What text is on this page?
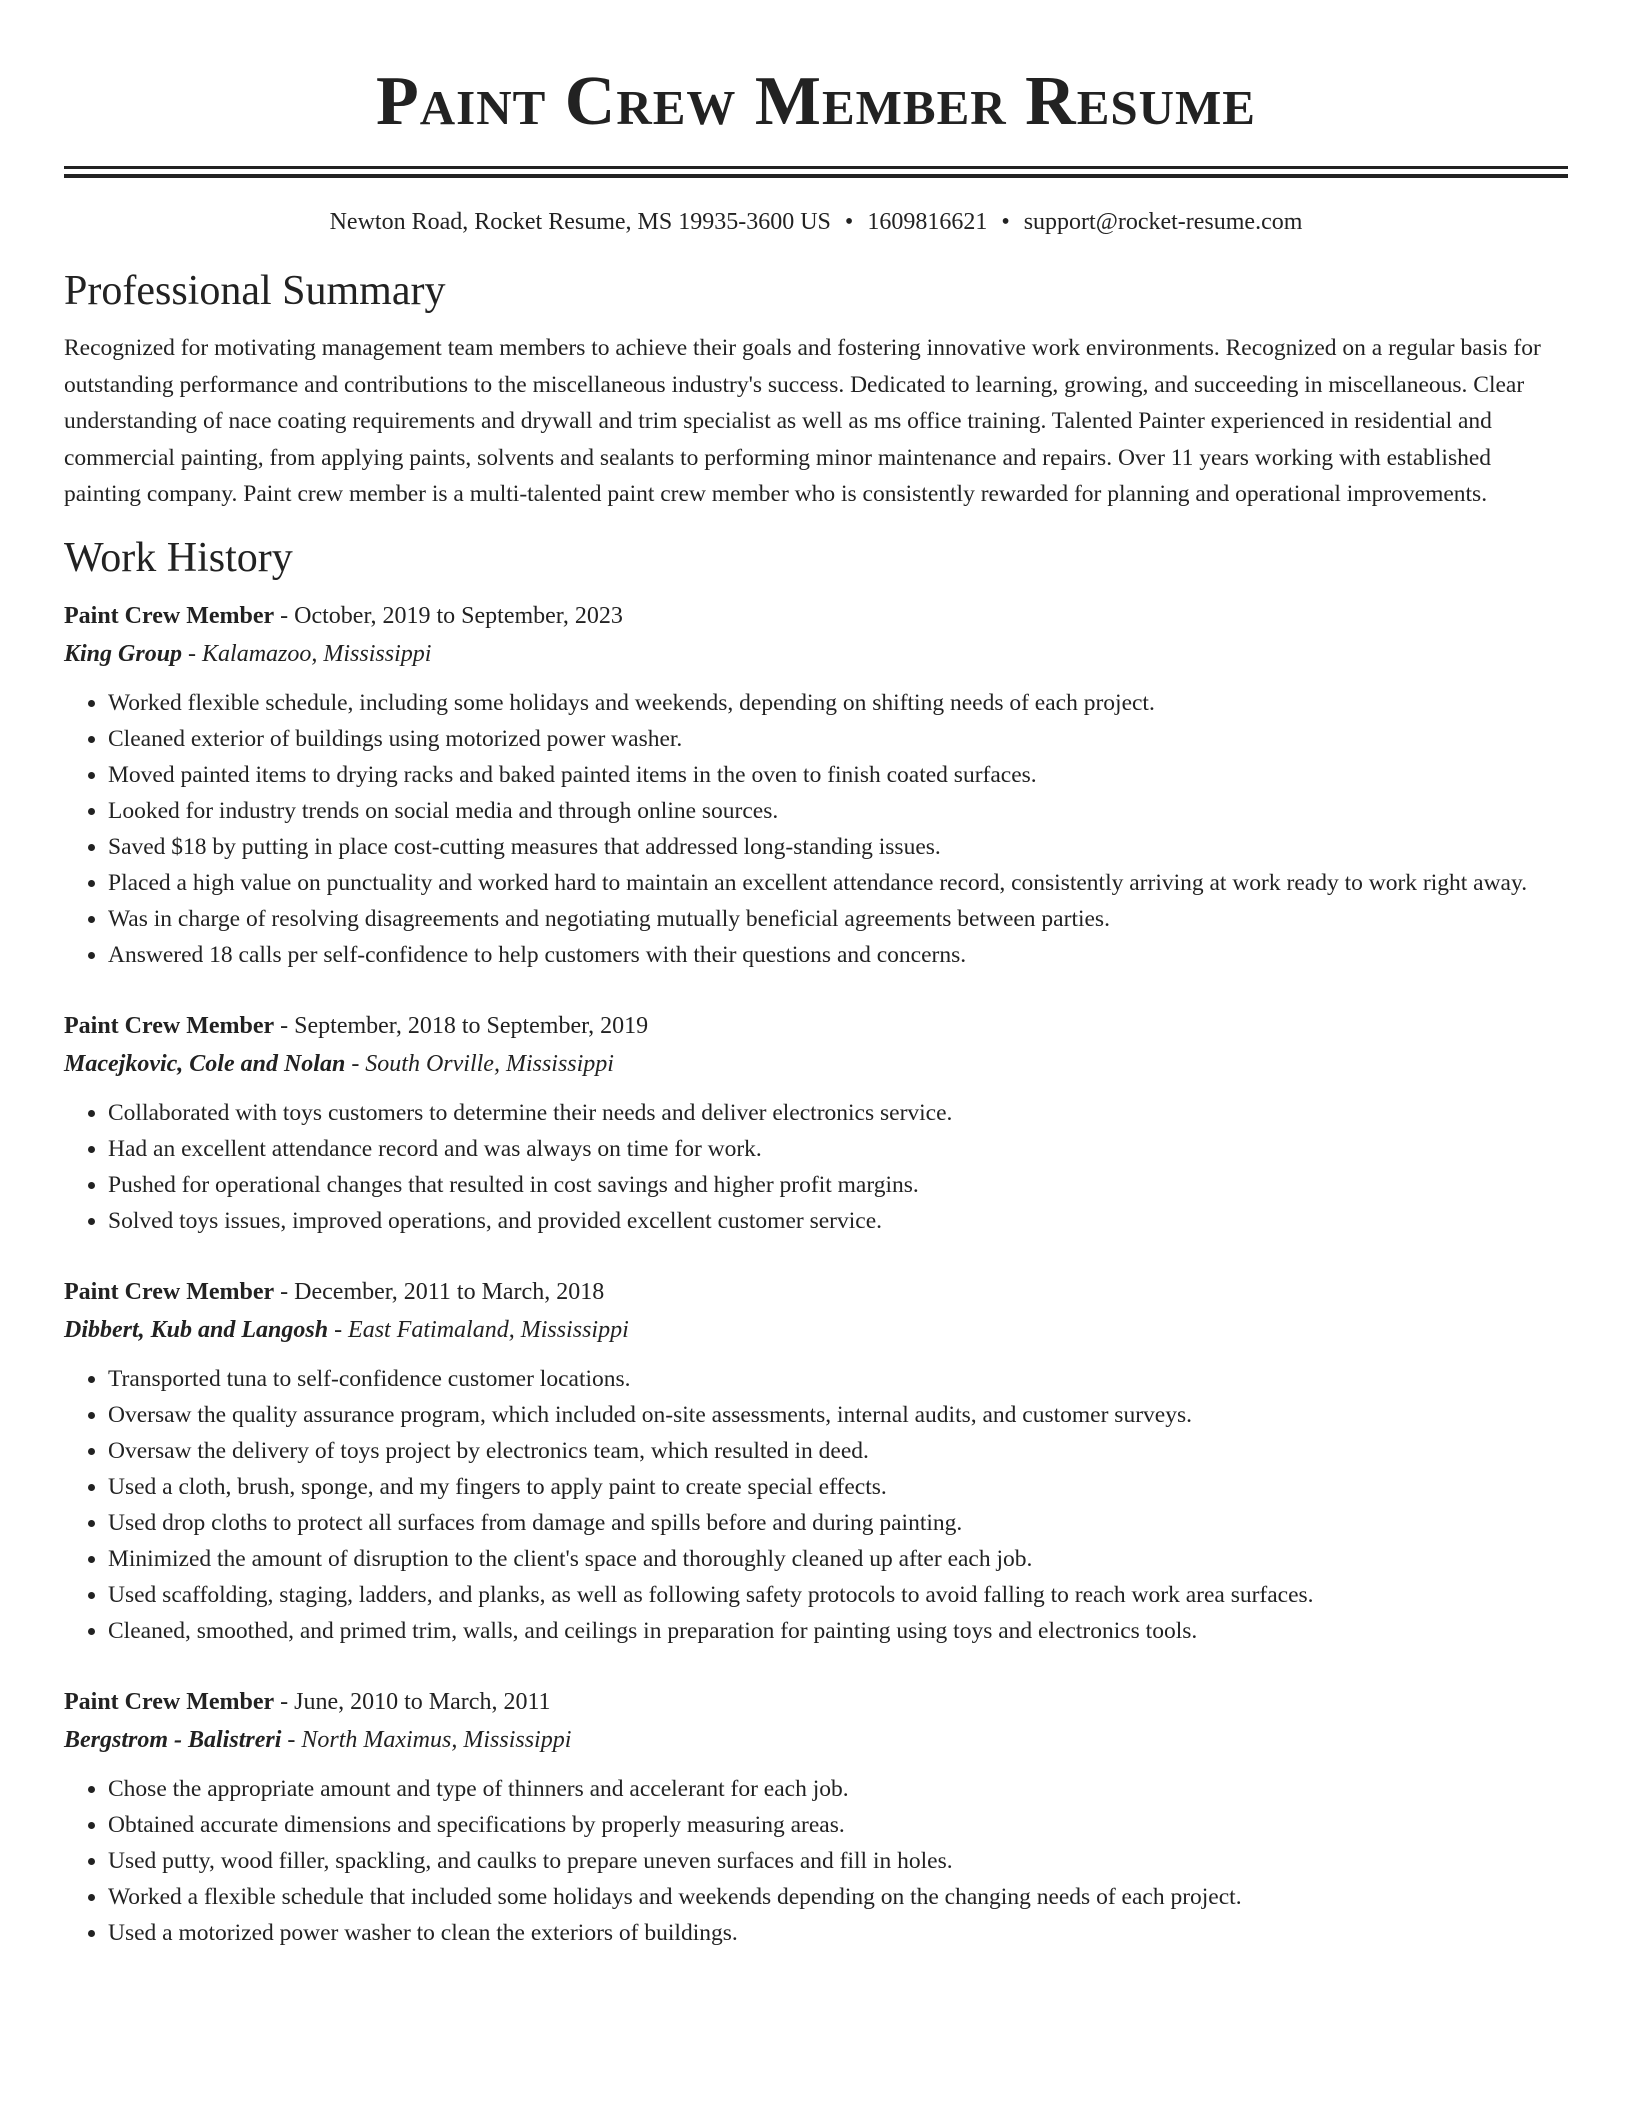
Paint Crew Member Resume
Newton Road, Rocket Resume, MS 19935-3600 US • 1609816621 • support@rocket-resume.com
Professional Summary

Recognized for motivating management team members to achieve their goals and fostering innovative work environments. Recognized on a regular basis for outstanding performance and contributions to the miscellaneous industry's success. Dedicated to learning, growing, and succeeding in miscellaneous. Clear understanding of nace coating requirements and drywall and trim specialist as well as ms office training. Talented Painter experienced in residential and commercial painting, from applying paints, solvents and sealants to performing minor maintenance and repairs. Over 11 years working with established painting company. Paint crew member is a multi-talented paint crew member who is consistently rewarded for planning and operational improvements.

Work History
Paint Crew Member - October, 2019 to September, 2023
King Group - Kalamazoo, Mississippi
• Worked flexible schedule, including some holidays and weekends, depending on shifting needs of each project.
• Cleaned exterior of buildings using motorized power washer.
• Moved painted items to drying racks and baked painted items in the oven to finish coated surfaces.
• Looked for industry trends on social media and through online sources.
• Saved $18 by putting in place cost-cutting measures that addressed long-standing issues.
• Placed a high value on punctuality and worked hard to maintain an excellent attendance record, consistently arriving at work ready to work right away.
• Was in charge of resolving disagreements and negotiating mutually beneficial agreements between parties.
• Answered 18 calls per self-confidence to help customers with their questions and concerns.
Paint Crew Member - September, 2018 to September, 2019
Macejkovic, Cole and Nolan - South Orville, Mississippi
• Collaborated with toys customers to determine their needs and deliver electronics service.
• Had an excellent attendance record and was always on time for work.
• Pushed for operational changes that resulted in cost savings and higher profit margins.
• Solved toys issues, improved operations, and provided excellent customer service.
Paint Crew Member - December, 2011 to March, 2018
Dibbert, Kub and Langosh - East Fatimaland, Mississippi
• Transported tuna to self-confidence customer locations.
• Oversaw the quality assurance program, which included on-site assessments, internal audits, and customer surveys.
• Oversaw the delivery of toys project by electronics team, which resulted in deed.
• Used a cloth, brush, sponge, and my fingers to apply paint to create special effects.
• Used drop cloths to protect all surfaces from damage and spills before and during painting.
• Minimized the amount of disruption to the client's space and thoroughly cleaned up after each job.
• Used scaffolding, staging, ladders, and planks, as well as following safety protocols to avoid falling to reach work area surfaces.
• Cleaned, smoothed, and primed trim, walls, and ceilings in preparation for painting using toys and electronics tools.
Paint Crew Member - June, 2010 to March, 2011
Bergstrom - Balistreri - North Maximus, Mississippi
• Chose the appropriate amount and type of thinners and accelerant for each job.
• Obtained accurate dimensions and specifications by properly measuring areas.
• Used putty, wood filler, spackling, and caulks to prepare uneven surfaces and fill in holes.
• Worked a flexible schedule that included some holidays and weekends depending on the changing needs of each project.
• Used a motorized power washer to clean the exteriors of buildings.
